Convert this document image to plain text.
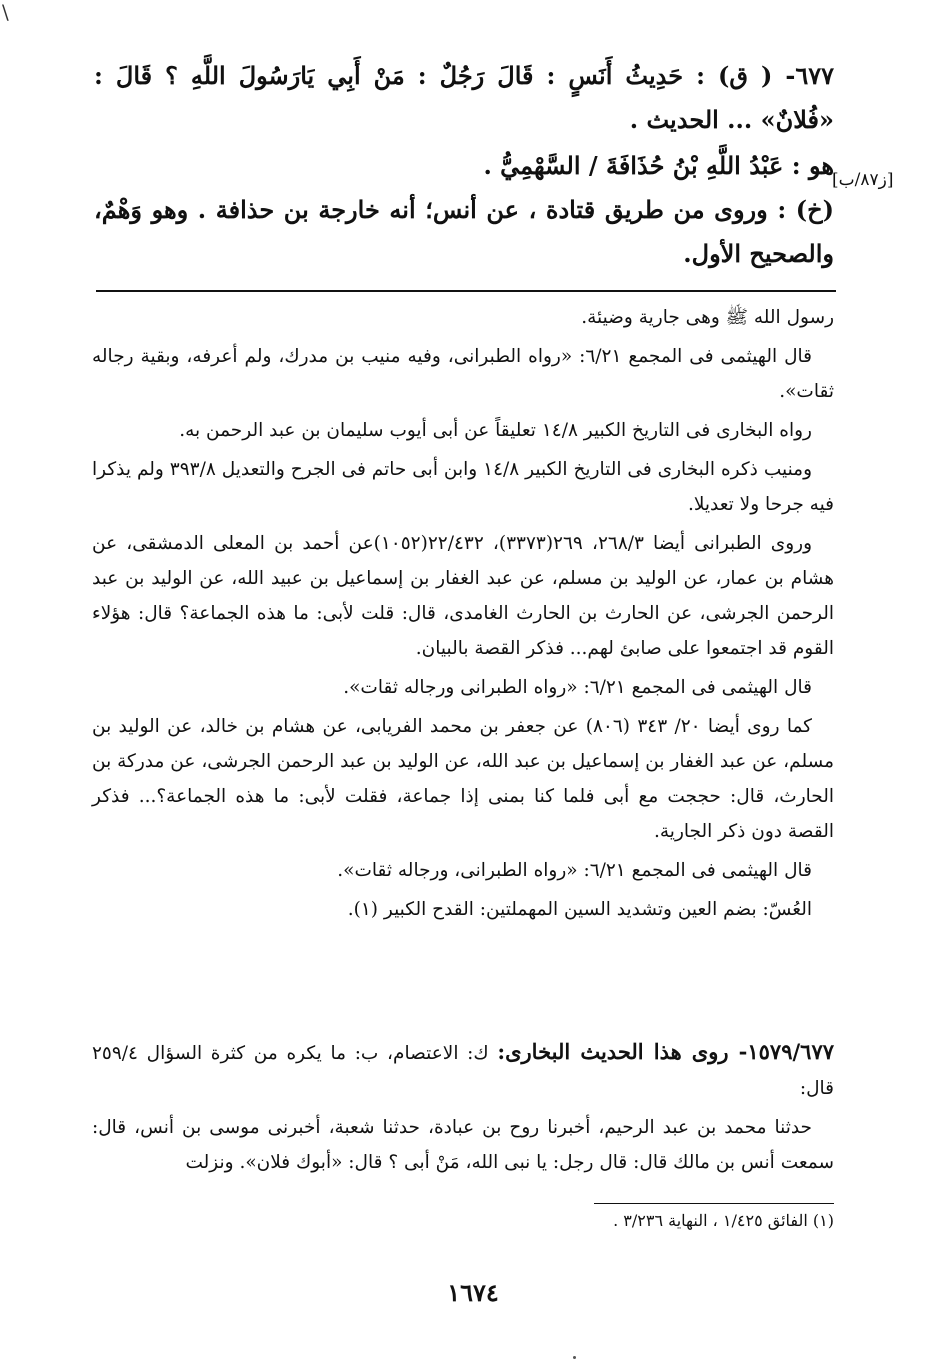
\
٦٧٧- ( ق) : حَدِيثُ أَنَسٍ : قَالَ رَجُلٌ : مَنْ أَبِي يَارَسُولَ اللَّهِ ؟ قَالَ : «فُلانٌ» ... الحديث .
هو : عَبْدُ اللَّهِ بْنُ حُذَافَةَ / السَّهْمِيُّ .
(خ) : وروى من طريق قتادة ، عن أنس؛ أنه خارجة بن حذافة . وهو وَهْمٌ، والصحيح الأول.
[ز٨٧/ب]

رسول الله ﷺ وهى جارية وضيئة.

قال الهيثمى فى المجمع ٦/٢١: «رواه الطبرانى، وفيه منيب بن مدرك، ولم أعرفه، وبقية رجاله ثقات».

رواه البخارى فى التاريخ الكبير ١٤/٨ تعليقاً عن أبى أيوب سليمان بن عبد الرحمن به.

ومنيب ذكره البخارى فى التاريخ الكبير ١٤/٨ وابن أبى حاتم فى الجرح والتعديل ٣٩٣/٨ ولم يذكرا فيه جرحا ولا تعديلا.

وروى الطبرانى أيضا ٢٦٨/٣، ٢٦٩(٣٣٧٣)، ٢٢/٤٣٢(١٠٥٢)عن أحمد بن المعلى الدمشقى، عن هشام بن عمار، عن الوليد بن مسلم، عن عبد الغفار بن إسماعيل بن عبيد الله، عن الوليد بن عبد الرحمن الجرشى، عن الحارث بن الحارث الغامدى، قال: قلت لأبى: ما هذه الجماعة؟ قال: هؤلاء القوم قد اجتمعوا على صابئ لهم... فذكر القصة بالبيان.

قال الهيثمى فى المجمع ٦/٢١: «رواه الطبرانى ورجاله ثقات».

كما روى أيضا ٢٠/ ٣٤٣ (٨٠٦) عن جعفر بن محمد الفريابى، عن هشام بن خالد، عن الوليد بن مسلم، عن عبد الغفار بن إسماعيل بن عبد الله، عن الوليد بن عبد الرحمن الجرشى، عن مدركة بن الحارث، قال: حججت مع أبى فلما كنا بمنى إذا جماعة، فقلت لأبى: ما هذه الجماعة؟... فذكر القصة دون ذكر الجارية.

قال الهيثمى فى المجمع ٦/٢١: «رواه الطبرانى، ورجاله ثقات».

العُسّ: بضم العين وتشديد السين المهملتين: القدح الكبير (١).

١٥٧٩/٦٧٧- روى هذا الحديث البخارى: ك: الاعتصام، ب: ما يكره من كثرة السؤال ٢٥٩/٤ قال:

حدثنا محمد بن عبد الرحيم، أخبرنا روح بن عبادة، حدثنا شعبة، أخبرنى موسى بن أنس، قال: سمعت أنس بن مالك قال: قال رجل: يا نبى الله، مَنْ أبى ؟ قال: «أبوك فلان». ونزلت

(١) الفائق ١/٤٢٥ ، النهاية ٣/٢٣٦ .
١٦٧٤
